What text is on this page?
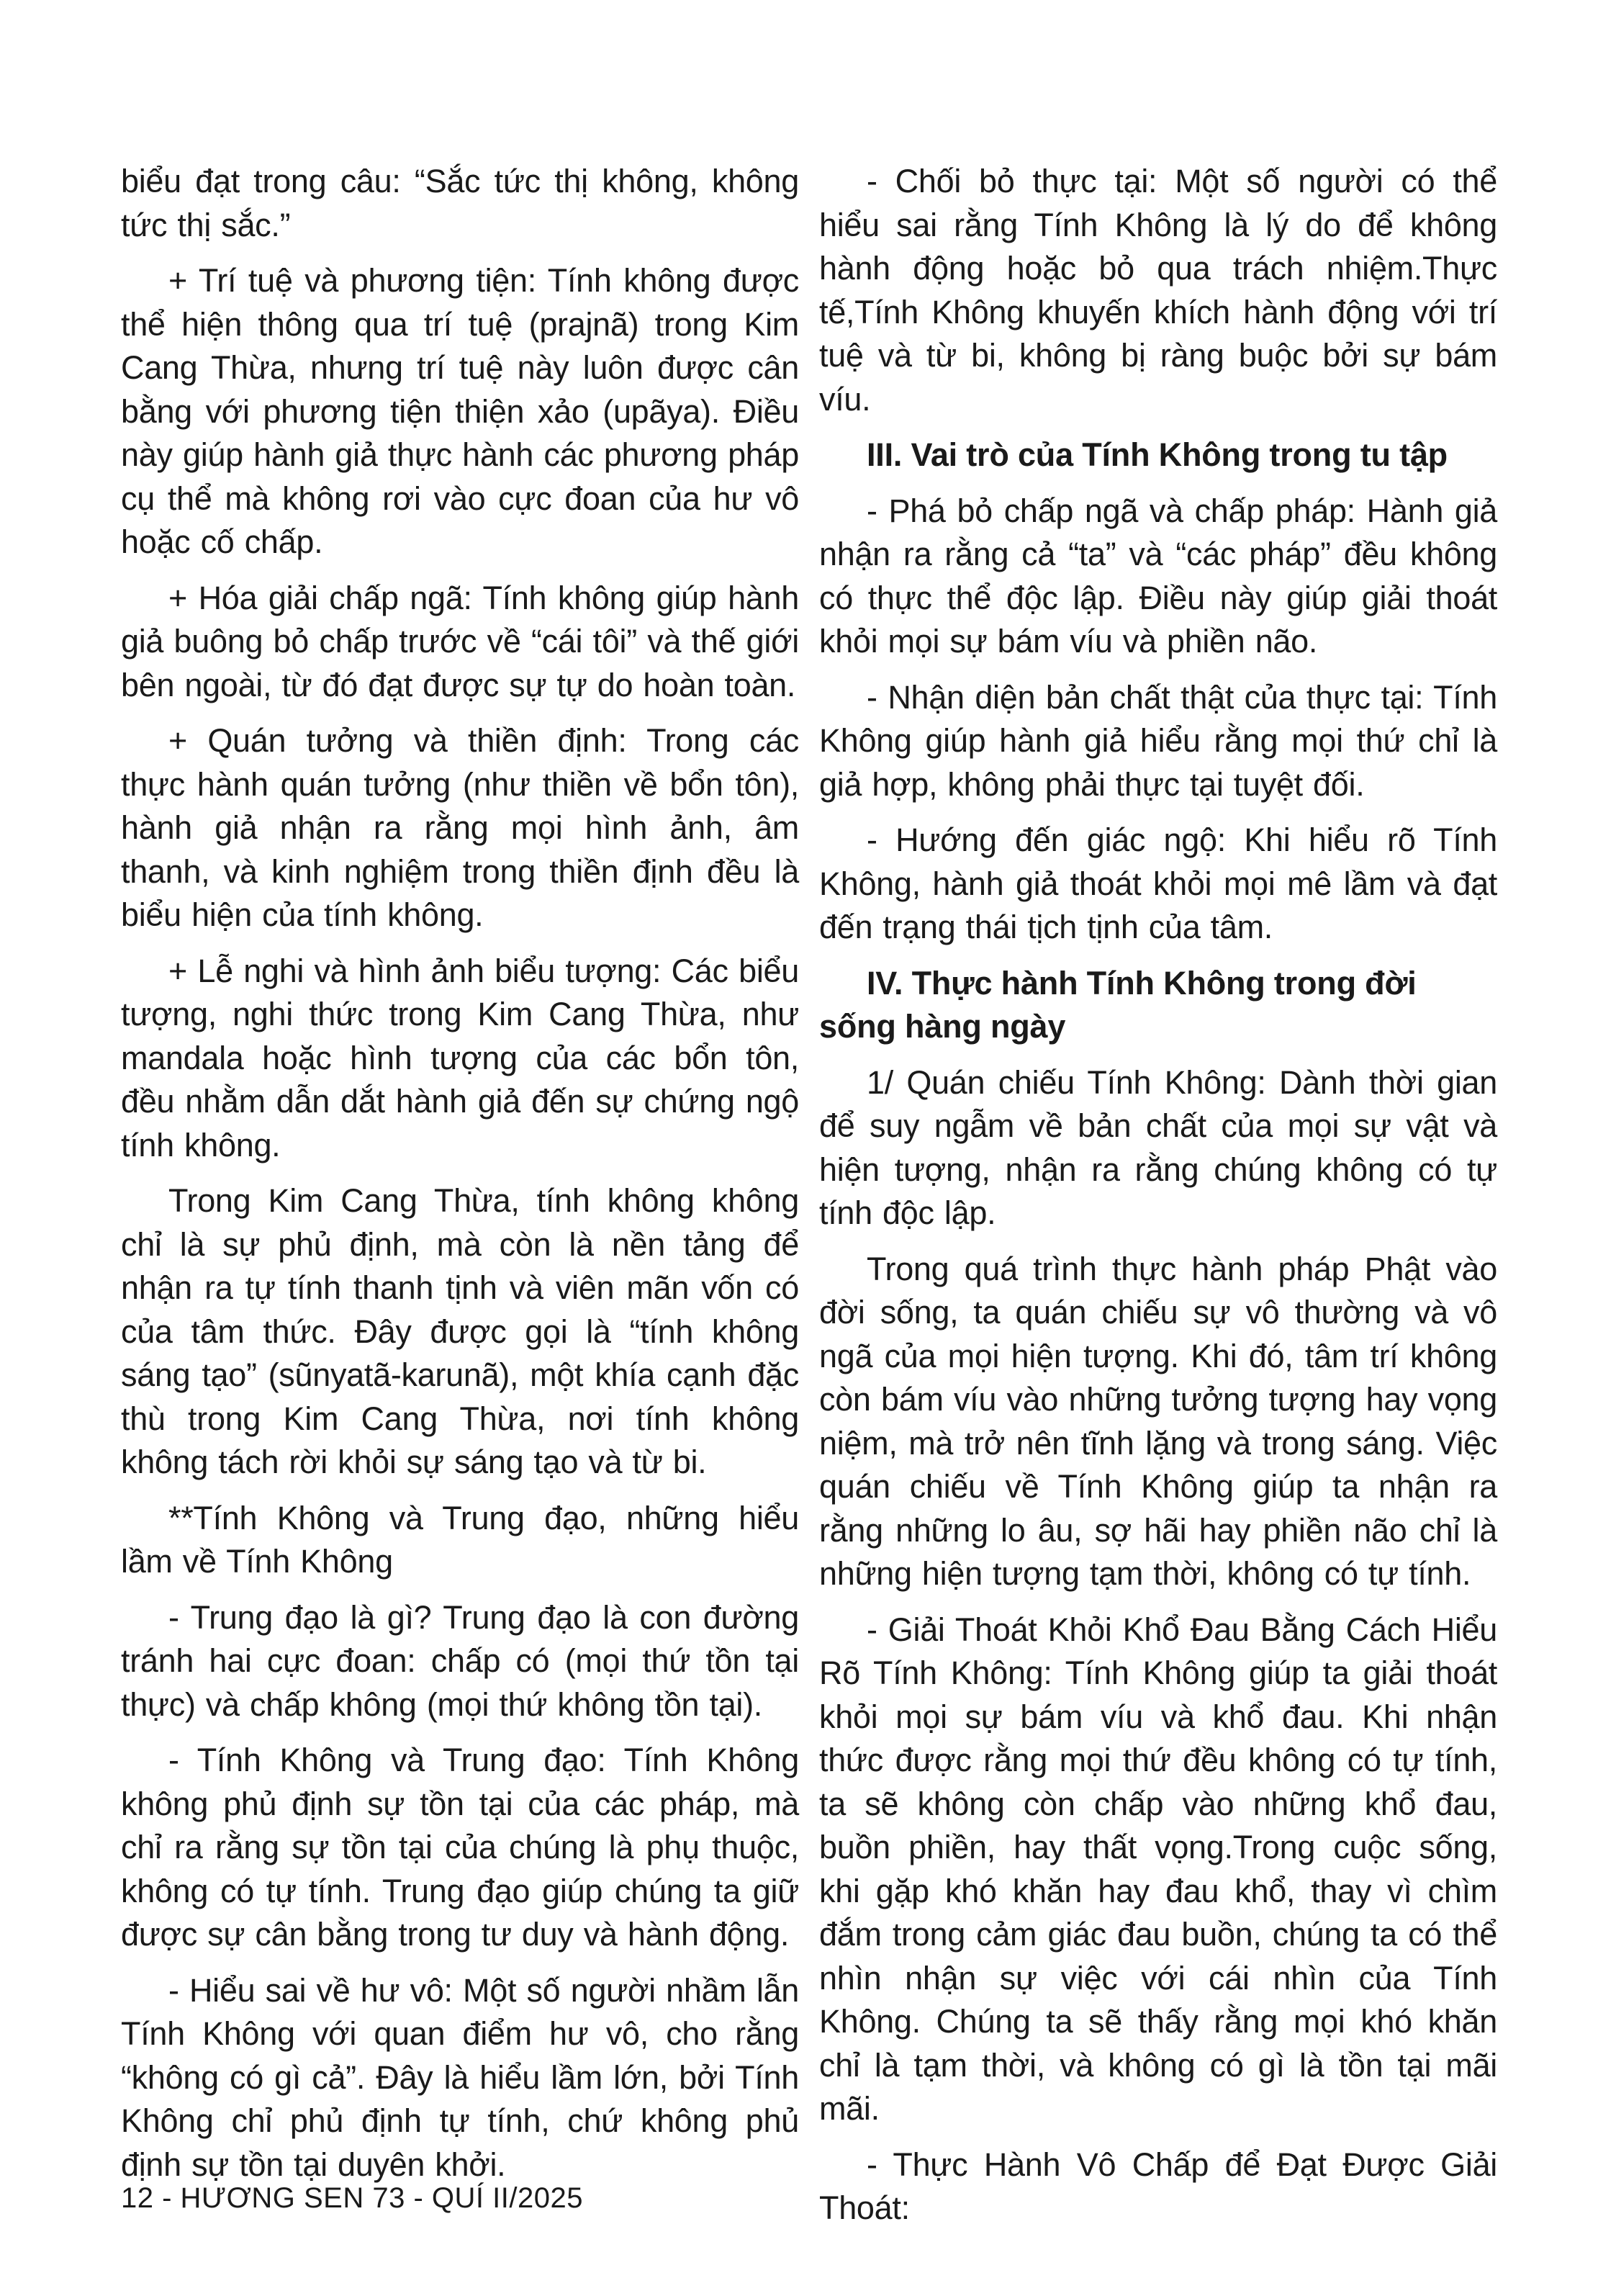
biểu đạt trong câu: “Sắc tức thị không, không tức thị sắc.”

+ Trí tuệ và phương tiện: Tính không được thể hiện thông qua trí tuệ (prajnã) trong Kim Cang Thừa, nhưng trí tuệ này luôn được cân bằng với phương tiện thiện xảo (upãya). Điều này giúp hành giả thực hành các phương pháp cụ thể mà không rơi vào cực đoan của hư vô hoặc cố chấp.

+ Hóa giải chấp ngã: Tính không giúp hành giả buông bỏ chấp trước về “cái tôi” và thế giới bên ngoài, từ đó đạt được sự tự do hoàn toàn.

+ Quán tưởng và thiền định: Trong các thực hành quán tưởng (như thiền về bổn tôn), hành giả nhận ra rằng mọi hình ảnh, âm thanh, và kinh nghiệm trong thiền định đều là biểu hiện của tính không.

+ Lễ nghi và hình ảnh biểu tượng: Các biểu tượng, nghi thức trong Kim Cang Thừa, như mandala hoặc hình tượng của các bổn tôn, đều nhằm dẫn dắt hành giả đến sự chứng ngộ tính không.

Trong Kim Cang Thừa, tính không không chỉ là sự phủ định, mà còn là nền tảng để nhận ra tự tính thanh tịnh và viên mãn vốn có của tâm thức. Đây được gọi là “tính không sáng tạo” (sũnyatã-karunã), một khía cạnh đặc thù trong Kim Cang Thừa, nơi tính không không tách rời khỏi sự sáng tạo và từ bi.

**Tính Không và Trung đạo, những hiểu lầm về Tính Không

- Trung đạo là gì? Trung đạo là con đường tránh hai cực đoan: chấp có (mọi thứ tồn tại thực) và chấp không (mọi thứ không tồn tại).

- Tính Không và Trung đạo: Tính Không không phủ định sự tồn tại của các pháp, mà chỉ ra rằng sự tồn tại của chúng là phụ thuộc, không có tự tính. Trung đạo giúp chúng ta giữ được sự cân bằng trong tư duy và hành động.

- Hiểu sai về hư vô: Một số người nhầm lẫn Tính Không với quan điểm hư vô, cho rằng “không có gì cả”. Đây là hiểu lầm lớn, bởi Tính Không chỉ phủ định tự tính, chứ không phủ định sự tồn tại duyên khởi.

- Chối bỏ thực tại: Một số người có thể hiểu sai rằng Tính Không là lý do để không hành động hoặc bỏ qua trách nhiệm.Thực tế,Tính Không khuyến khích hành động với trí tuệ và từ bi, không bị ràng buộc bởi sự bám víu.

III. Vai trò của Tính Không trong tu tập

- Phá bỏ chấp ngã và chấp pháp: Hành giả nhận ra rằng cả “ta” và “các pháp” đều không có thực thể độc lập. Điều này giúp giải thoát khỏi mọi sự bám víu và phiền não.

- Nhận diện bản chất thật của thực tại: Tính Không giúp hành giả hiểu rằng mọi thứ chỉ là giả hợp, không phải thực tại tuyệt đối.

- Hướng đến giác ngộ: Khi hiểu rõ Tính Không, hành giả thoát khỏi mọi mê lầm và đạt đến trạng thái tịch tịnh của tâm.

IV. Thực hành Tính Không trong đời sống hàng ngày

1/ Quán chiếu Tính Không: Dành thời gian để suy ngẫm về bản chất của mọi sự vật và hiện tượng, nhận ra rằng chúng không có tự tính độc lập.

Trong quá trình thực hành pháp Phật vào đời sống, ta quán chiếu sự vô thường và vô ngã của mọi hiện tượng. Khi đó, tâm trí không còn bám víu vào những tưởng tượng hay vọng niệm, mà trở nên tĩnh lặng và trong sáng. Việc quán chiếu về Tính Không giúp ta nhận ra rằng những lo âu, sợ hãi hay phiền não chỉ là những hiện tượng tạm thời, không có tự tính.

- Giải Thoát Khỏi Khổ Đau Bằng Cách Hiểu Rõ Tính Không: Tính Không giúp ta giải thoát khỏi mọi sự bám víu và khổ đau. Khi nhận thức được rằng mọi thứ đều không có tự tính, ta sẽ không còn chấp vào những khổ đau, buồn phiền, hay thất vọng.Trong cuộc sống, khi gặp khó khăn hay đau khổ, thay vì chìm đắm trong cảm giác đau buồn, chúng ta có thể nhìn nhận sự việc với cái nhìn của Tính Không. Chúng ta sẽ thấy rằng mọi khó khăn chỉ là tạm thời, và không có gì là tồn tại mãi mãi.

- Thực Hành Vô Chấp để Đạt Được Giải Thoát:

12 - HƯƠNG SEN 73 - QUÍ II/2025
